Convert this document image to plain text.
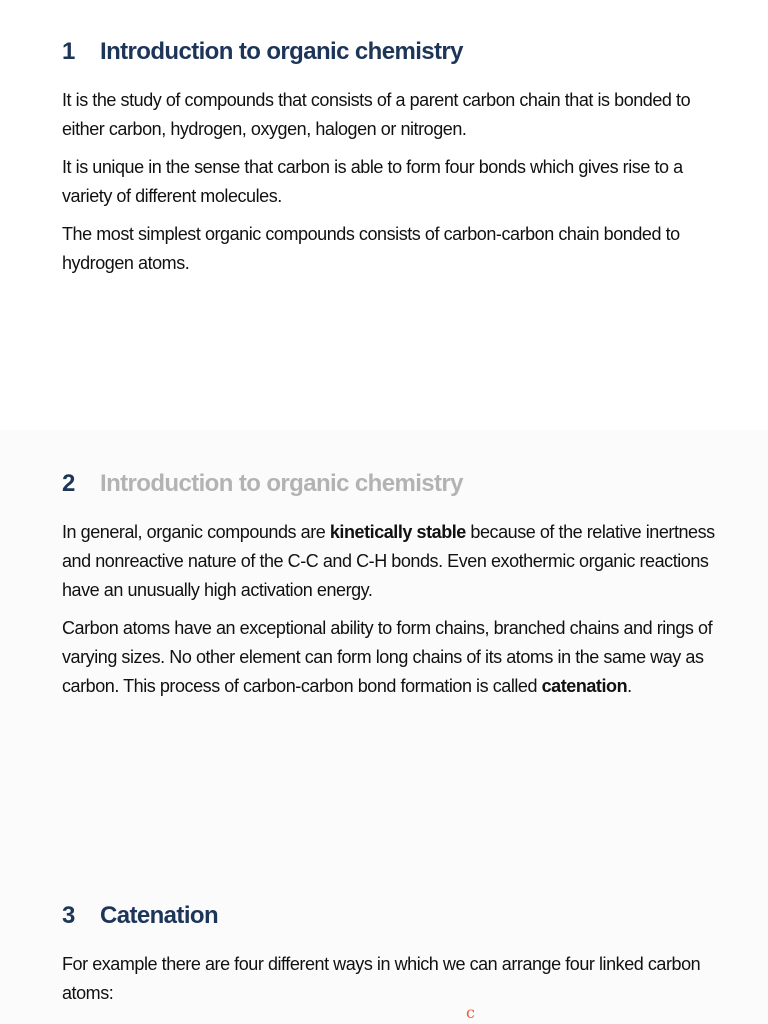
1	Introduction to organic chemistry

It is the study of compounds that consists of a parent carbon chain that is bonded to either carbon, hydrogen, oxygen, halogen or nitrogen.

It is unique in the sense that carbon is able to form four bonds which gives rise to a variety of different molecules.

The most simplest organic compounds consists of carbon-carbon chain bonded to hydrogen atoms.

2	Introduction to organic chemistry

In general, organic compounds are kinetically stable because of the relative inertness and nonreactive nature of the C-C and C-H bonds. Even exothermic organic reactions have an unusually high activation energy.

Carbon atoms have an exceptional ability to form chains, branched chains and rings of varying sizes. No other element can form long chains of its atoms in the same way as carbon. This process of carbon-carbon bond formation is called catenation.

3	Catenation

For example there are four different ways in which we can arrange four linked carbon atoms:

c
